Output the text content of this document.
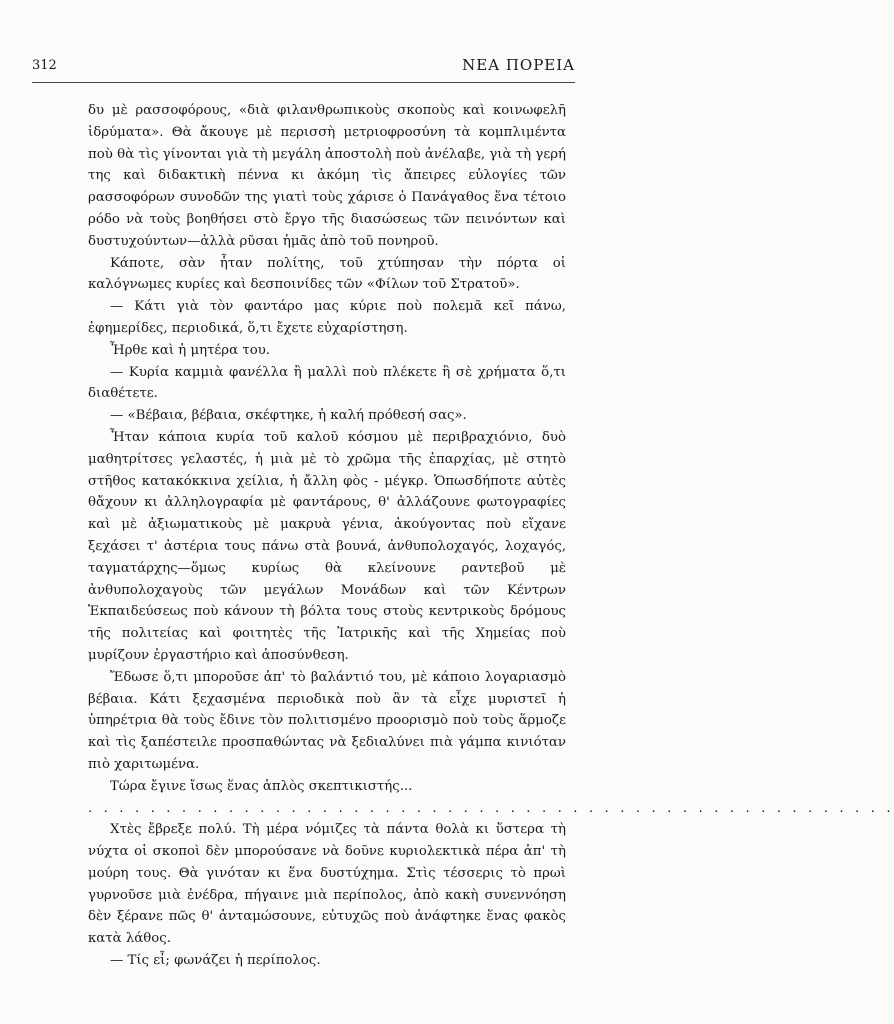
312	ΝΕΑ ΠΟΡΕΙΑ

δυ μὲ ρασσοφόρους, «διὰ φιλανθρωπικοὺς σκοποὺς καὶ κοινωφελῆ ἱδρύματα». Θὰ ἄκουγε μὲ περισσὴ μετριοφροσύνη τὰ κομπλιμέντα ποὺ θὰ τὶς γίνονται γιὰ τὴ μεγάλη ἀποστολὴ ποὺ ἀνέλαβε, γιὰ τὴ γερή της καὶ διδακτικὴ πέννα κι ἀκόμη τὶς ἄπειρες εὐλογίες τῶν ρασσοφόρων συνοδῶν της γιατὶ τοὺς χάρισε ὁ Πανάγαθος ἕνα τέτοιο ρόδο νὰ τοὺς βοηθήσει στὸ ἔργο τῆς διασώσεως τῶν πεινόντων καὶ δυστυχούντων—ἀλλὰ ρῦσαι ἡμᾶς ἀπὸ τοῦ πονηροῦ.

Κάποτε, σὰν ἦταν πολίτης, τοῦ χτύπησαν τὴν πόρτα οἱ καλόγνωμες κυρίες καὶ δεσποινίδες τῶν «Φίλων τοῦ Στρατοῦ».

— Κάτι γιὰ τὸν φαντάρο μας κύριε ποὺ πολεμᾶ κεῖ πάνω, ἐφημερίδες, περιοδικά, ὅ,τι ἔχετε εὐχαρίστηση.

Ἦρθε καὶ ἡ μητέρα του.

— Κυρία καμμιὰ φανέλλα ἢ μαλλὶ ποὺ πλέκετε ἢ σὲ χρήματα ὅ,τι διαθέτετε.

— «Βέβαια, βέβαια, σκέφτηκε, ἡ καλή πρόθεσή σας».

Ἦταν κάποια κυρία τοῦ καλοῦ κόσμου μὲ περιβραχιόνιο, δυὸ μαθητρίτσες γελαστές, ἡ μιὰ μὲ τὸ χρῶμα τῆς ἐπαρχίας, μὲ στητὸ στῆθος κατακόκκινα χείλια, ἡ ἄλλη φὸς - μέγκρ. Ὁπωσδήποτε αὐτὲς θἄχουν κι ἀλληλογραφία μὲ φαντάρους, θ' ἀλλάζουνε φωτογραφίες καὶ μὲ ἀξιωματικοὺς μὲ μακρυὰ γένια, ἀκούγοντας ποὺ εἴχανε ξεχάσει τ' ἀστέρια τους πάνω στὰ βουνά, ἀνθυπολοχαγός, λοχαγός, ταγματάρχης—ὅμως κυρίως θὰ κλείνουνε ραντεβοῦ μὲ ἀνθυπολοχαγοὺς τῶν μεγάλων Μονάδων καὶ τῶν Κέντρων Ἐκπαιδεύσεως ποὺ κάνουν τὴ βόλτα τους στοὺς κεντρικοὺς δρόμους τῆς πολιτείας καὶ φοιτητὲς τῆς Ἰατρικῆς καὶ τῆς Χημείας ποὺ μυρίζουν ἐργαστήριο καὶ ἀποσύνθεση.

Ἔδωσε ὅ,τι μποροῦσε ἀπ' τὸ βαλάντιό του, μὲ κάποιο λογαριασμὸ βέβαια. Κάτι ξεχασμένα περιοδικὰ ποὺ ἂν τὰ εἶχε μυριστεῖ ἡ ὑπηρέτρια θὰ τοὺς ἔδινε τὸν πολιτισμένο προορισμὸ ποὺ τοὺς ἅρμοζε καὶ τὶς ξαπέστειλε προσπαθώντας νὰ ξεδιαλύνει πιὰ γάμπα κινιόταν πιὸ χαριτωμένα.

Τώρα ἔγινε ἴσως ἕνας ἁπλὸς σκεπτικιστής...

. . . . . . . . . . . . . . . . . . . . . . . . . . . . . . . . . . . . . . . . . . . . . . . . . . . .

Χτὲς ἔβρεξε πολύ. Τὴ μέρα νόμιζες τὰ πάντα θολὰ κι ὕστερα τὴ νύχτα οἱ σκοποὶ δὲν μπορούσανε νὰ δοῦνε κυριολεκτικὰ πέρα ἀπ' τὴ μούρη τους. Θὰ γινόταν κι ἕνα δυστύχημα. Στὶς τέσσερις τὸ πρωὶ γυρνοῦσε μιὰ ἐνέδρα, πήγαινε μιὰ περίπολος, ἀπὸ κακὴ συνεννόηση δὲν ξέρανε πῶς θ' ἀνταμώσουνε, εὐτυχῶς ποὺ ἀνάφτηκε ἕνας φακὸς κατὰ λάθος.

— Τίς εἶ; φωνάζει ἡ περίπολος.
